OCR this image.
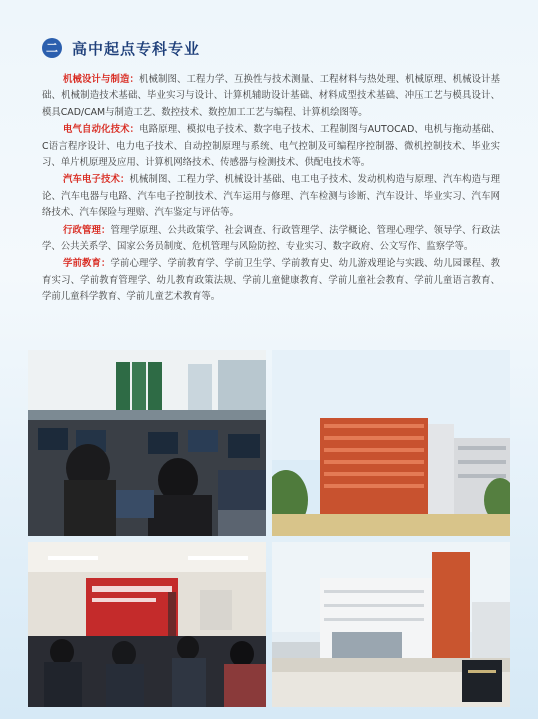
二 高中起点专科专业

机械设计与制造：机械制图、工程力学、互换性与技术测量、工程材料与热处理、机械原理、机械设计基础、机械制造技术基础、毕业实习与设计、计算机辅助设计基础、材料成型技术基础、冲压工艺与模具设计、模具CAD/CAM与制造工艺、数控技术、数控加工工艺与编程、计算机绘图等。

电气自动化技术：电路原理、模拟电子技术、数字电子技术、工程制图与AUTOCAD、电机与拖动基础、C语言程序设计、电力电子技术、自动控制原理与系统、电气控制及可编程序控制器、微机控制技术、毕业实习、单片机原理及应用、计算机网络技术、传感器与检测技术、供配电技术等。

汽车电子技术：机械制图、工程力学、机械设计基础、电工电子技术、发动机构造与原理、汽车构造与理论、汽车电器与电路、汽车电子控制技术、汽车运用与修理、汽车检测与诊断、汽车设计、毕业实习、汽车网络技术、汽车保险与理赔、汽车鉴定与评估等。

行政管理：管理学原理、公共政策学、社会调查、行政管理学、法学概论、管理心理学、领导学、行政法学、公共关系学、国家公务员制度、危机管理与风险防控、专业实习、数字政府、公文写作、监察学等。

学前教育：学前心理学、学前教育学、学前卫生学、学前教育史、幼儿游戏理论与实践、幼儿园课程、教育实习、学前教育管理学、幼儿教育政策法规、学前儿童健康教育、学前儿童社会教育、学前儿童语言教育、学前儿童科学教育、学前儿童艺术教育等。
